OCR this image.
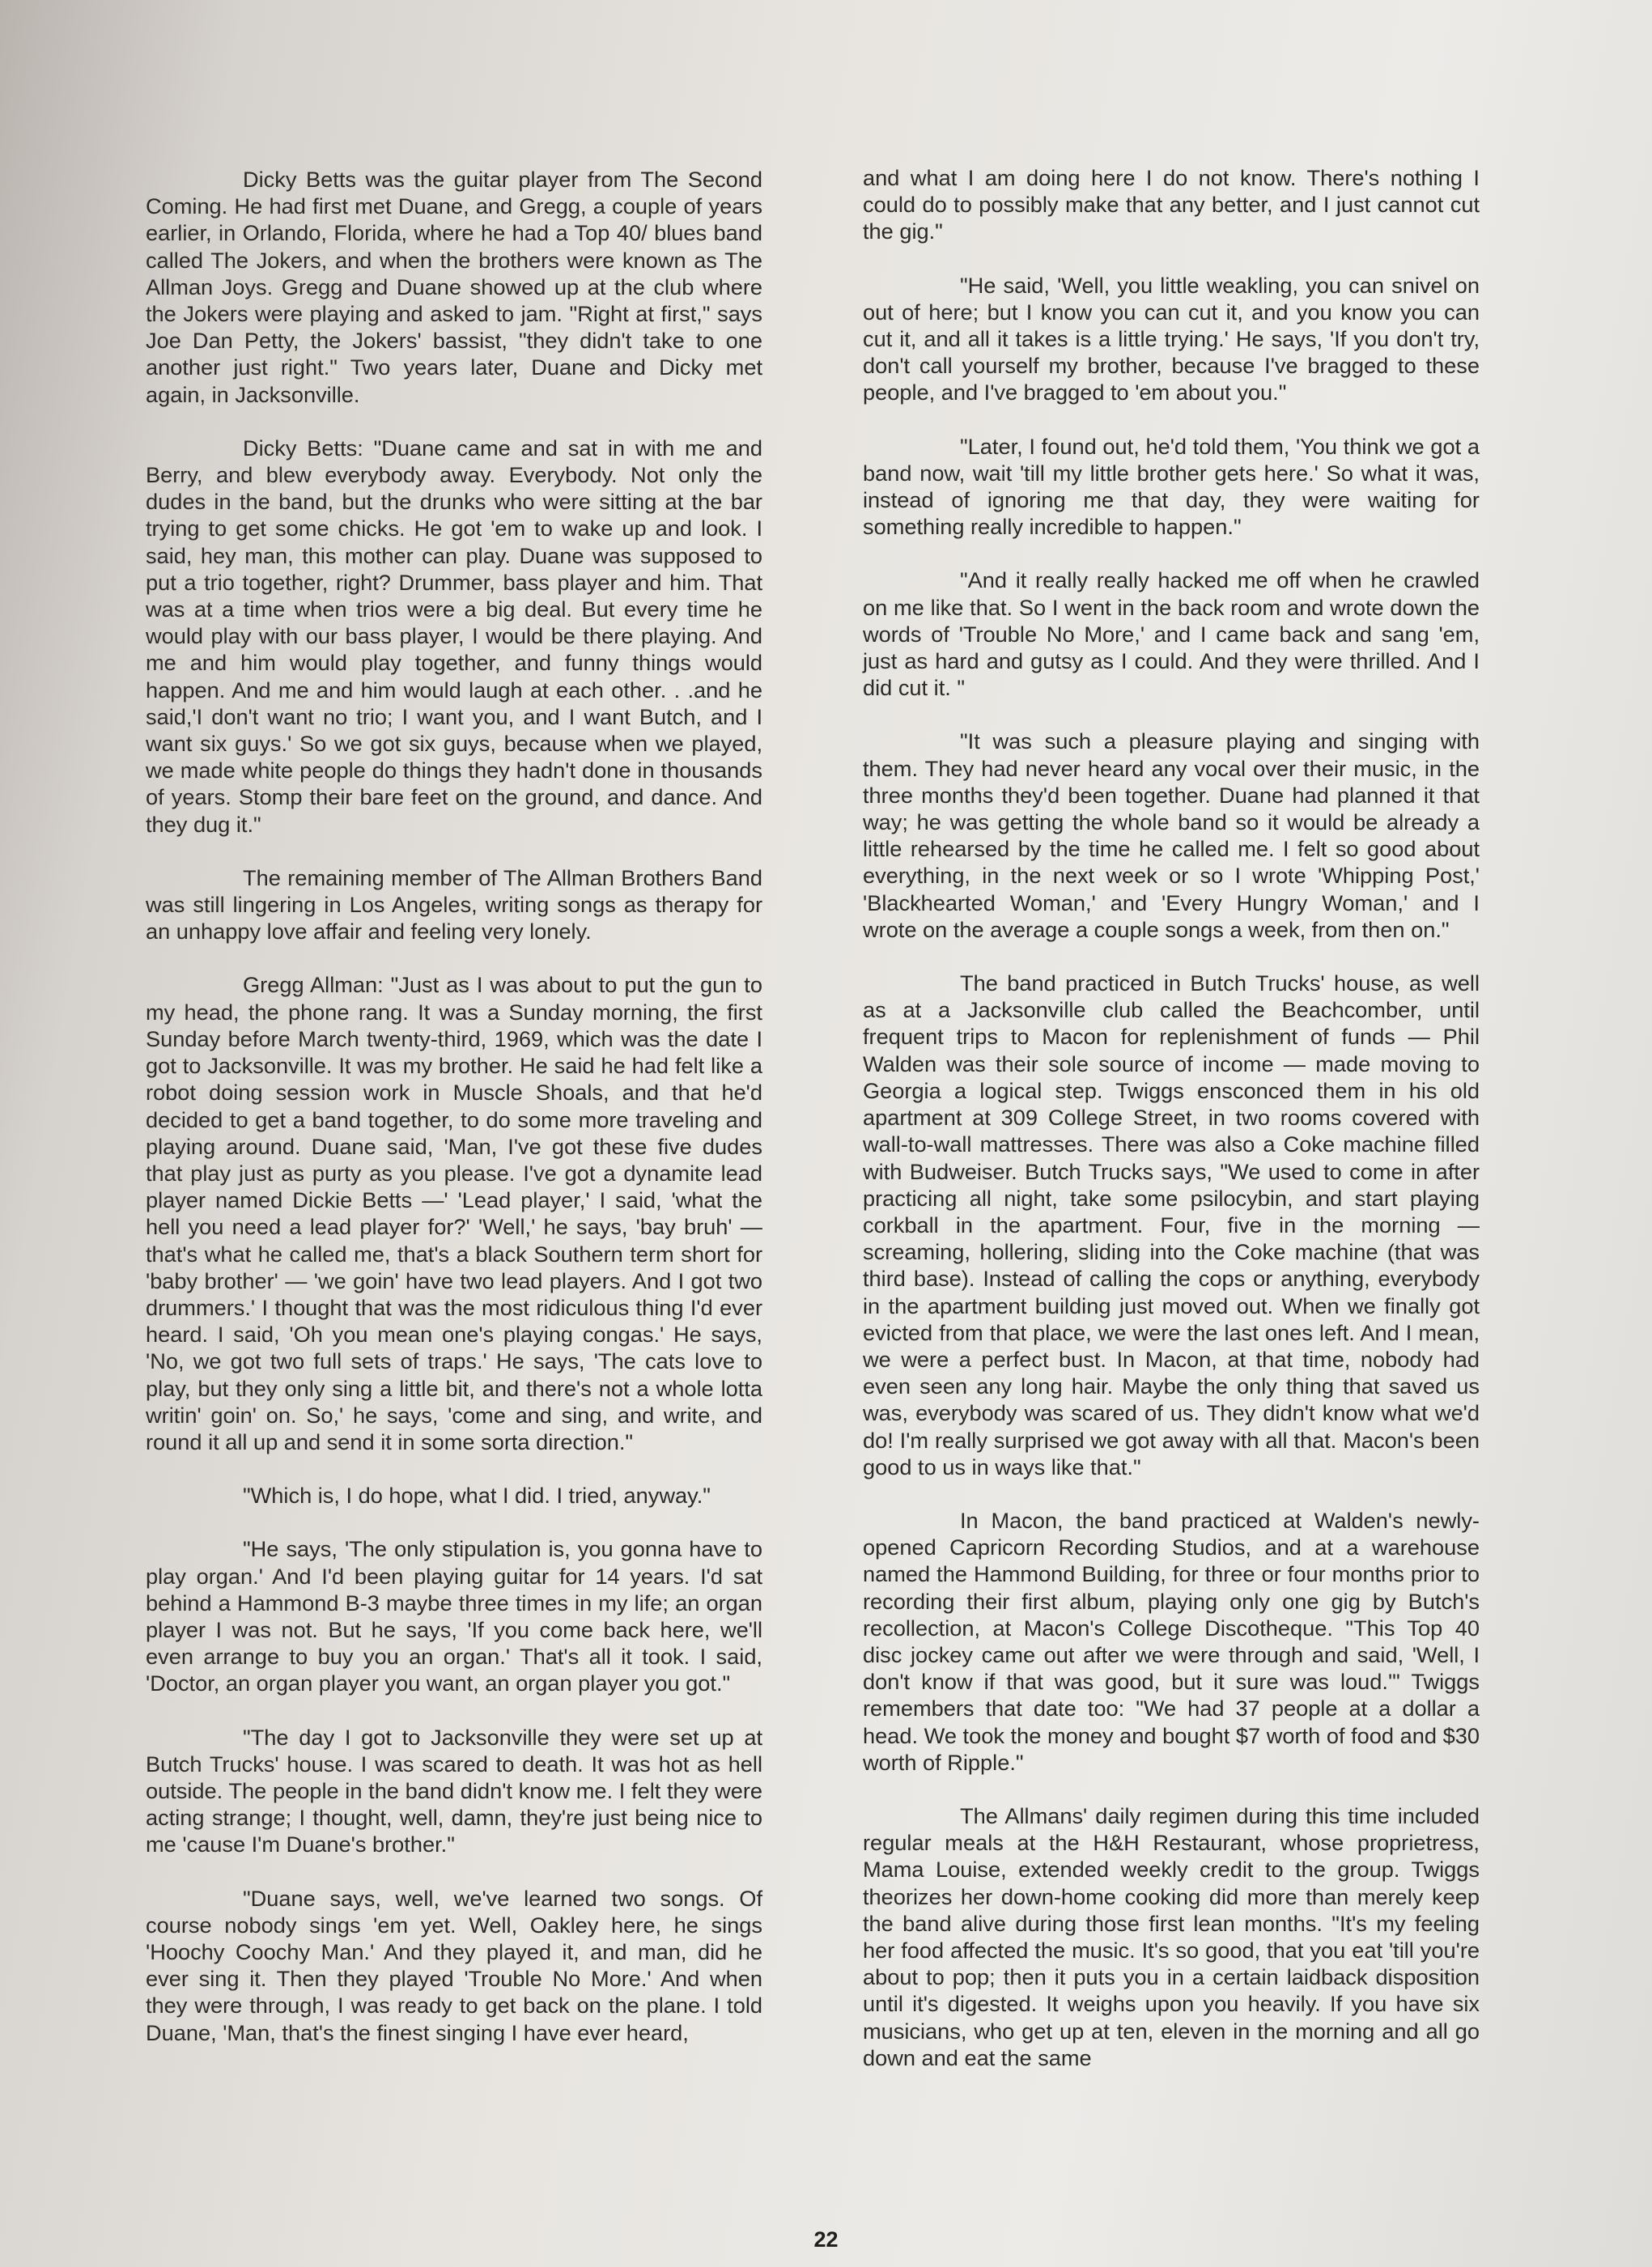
Dicky Betts was the guitar player from The Second Coming. He had first met Duane, and Gregg, a couple of years earlier, in Orlando, Florida, where he had a Top 40/ blues band called The Jokers, and when the brothers were known as The Allman Joys. Gregg and Duane showed up at the club where the Jokers were playing and asked to jam. "Right at first," says Joe Dan Petty, the Jokers' bassist, "they didn't take to one another just right." Two years later, Duane and Dicky met again, in Jacksonville.

Dicky Betts: "Duane came and sat in with me and Berry, and blew everybody away. Everybody. Not only the dudes in the band, but the drunks who were sitting at the bar trying to get some chicks. He got 'em to wake up and look. I said, hey man, this mother can play. Duane was supposed to put a trio together, right? Drummer, bass player and him. That was at a time when trios were a big deal. But every time he would play with our bass player, I would be there playing. And me and him would play together, and funny things would happen. And me and him would laugh at each other. . .and he said,'I don't want no trio; I want you, and I want Butch, and I want six guys.' So we got six guys, because when we played, we made white people do things they hadn't done in thousands of years. Stomp their bare feet on the ground, and dance. And they dug it."

The remaining member of The Allman Brothers Band was still lingering in Los Angeles, writing songs as therapy for an unhappy love affair and feeling very lonely.

Gregg Allman: "Just as I was about to put the gun to my head, the phone rang. It was a Sunday morning, the first Sunday before March twenty-third, 1969, which was the date I got to Jacksonville. It was my brother. He said he had felt like a robot doing session work in Muscle Shoals, and that he'd decided to get a band together, to do some more traveling and playing around. Duane said, 'Man, I've got these five dudes that play just as purty as you please. I've got a dynamite lead player named Dickie Betts —' 'Lead player,' I said, 'what the hell you need a lead player for?' 'Well,' he says, 'bay bruh' — that's what he called me, that's a black Southern term short for 'baby brother' — 'we goin' have two lead players. And I got two drummers.' I thought that was the most ridiculous thing I'd ever heard. I said, 'Oh you mean one's playing congas.' He says, 'No, we got two full sets of traps.' He says, 'The cats love to play, but they only sing a little bit, and there's not a whole lotta writin' goin' on. So,' he says, 'come and sing, and write, and round it all up and send it in some sorta direction."

"Which is, I do hope, what I did. I tried, anyway."

"He says, 'The only stipulation is, you gonna have to play organ.' And I'd been playing guitar for 14 years. I'd sat behind a Hammond B-3 maybe three times in my life; an organ player I was not. But he says, 'If you come back here, we'll even arrange to buy you an organ.' That's all it took. I said, 'Doctor, an organ player you want, an organ player you got."

"The day I got to Jacksonville they were set up at Butch Trucks' house. I was scared to death. It was hot as hell outside. The people in the band didn't know me. I felt they were acting strange; I thought, well, damn, they're just being nice to me 'cause I'm Duane's brother."

"Duane says, well, we've learned two songs. Of course nobody sings 'em yet. Well, Oakley here, he sings 'Hoochy Coochy Man.' And they played it, and man, did he ever sing it. Then they played 'Trouble No More.' And when they were through, I was ready to get back on the plane. I told Duane, 'Man, that's the finest singing I have ever heard,

and what I am doing here I do not know. There's nothing I could do to possibly make that any better, and I just cannot cut the gig."

"He said, 'Well, you little weakling, you can snivel on out of here; but I know you can cut it, and you know you can cut it, and all it takes is a little trying.' He says, 'If you don't try, don't call yourself my brother, because I've bragged to these people, and I've bragged to 'em about you."

"Later, I found out, he'd told them, 'You think we got a band now, wait 'till my little brother gets here.' So what it was, instead of ignoring me that day, they were waiting for something really incredible to happen."

"And it really really hacked me off when he crawled on me like that. So I went in the back room and wrote down the words of 'Trouble No More,' and I came back and sang 'em, just as hard and gutsy as I could. And they were thrilled. And I did cut it. "

"It was such a pleasure playing and singing with them. They had never heard any vocal over their music, in the three months they'd been together. Duane had planned it that way; he was getting the whole band so it would be already a little rehearsed by the time he called me. I felt so good about everything, in the next week or so I wrote 'Whipping Post,' 'Blackhearted Woman,' and 'Every Hungry Woman,' and I wrote on the average a couple songs a week, from then on."

The band practiced in Butch Trucks' house, as well as at a Jacksonville club called the Beachcomber, until frequent trips to Macon for replenishment of funds — Phil Walden was their sole source of income — made moving to Georgia a logical step. Twiggs ensconced them in his old apartment at 309 College Street, in two rooms covered with wall-to-wall mattresses. There was also a Coke machine filled with Budweiser. Butch Trucks says, "We used to come in after practicing all night, take some psilocybin, and start playing corkball in the apartment. Four, five in the morning — screaming, hollering, sliding into the Coke machine (that was third base). Instead of calling the cops or anything, everybody in the apartment building just moved out. When we finally got evicted from that place, we were the last ones left. And I mean, we were a perfect bust. In Macon, at that time, nobody had even seen any long hair. Maybe the only thing that saved us was, everybody was scared of us. They didn't know what we'd do! I'm really surprised we got away with all that. Macon's been good to us in ways like that."

In Macon, the band practiced at Walden's newly-opened Capricorn Recording Studios, and at a warehouse named the Hammond Building, for three or four months prior to recording their first album, playing only one gig by Butch's recollection, at Macon's College Discotheque. "This Top 40 disc jockey came out after we were through and said, 'Well, I don't know if that was good, but it sure was loud.'" Twiggs remembers that date too: "We had 37 people at a dollar a head. We took the money and bought $7 worth of food and $30 worth of Ripple."

The Allmans' daily regimen during this time included regular meals at the H&H Restaurant, whose proprietress, Mama Louise, extended weekly credit to the group. Twiggs theorizes her down-home cooking did more than merely keep the band alive during those first lean months. "It's my feeling her food affected the music. It's so good, that you eat 'till you're about to pop; then it puts you in a certain laidback disposition until it's digested. It weighs upon you heavily. If you have six musicians, who get up at ten, eleven in the morning and all go down and eat the same

22
